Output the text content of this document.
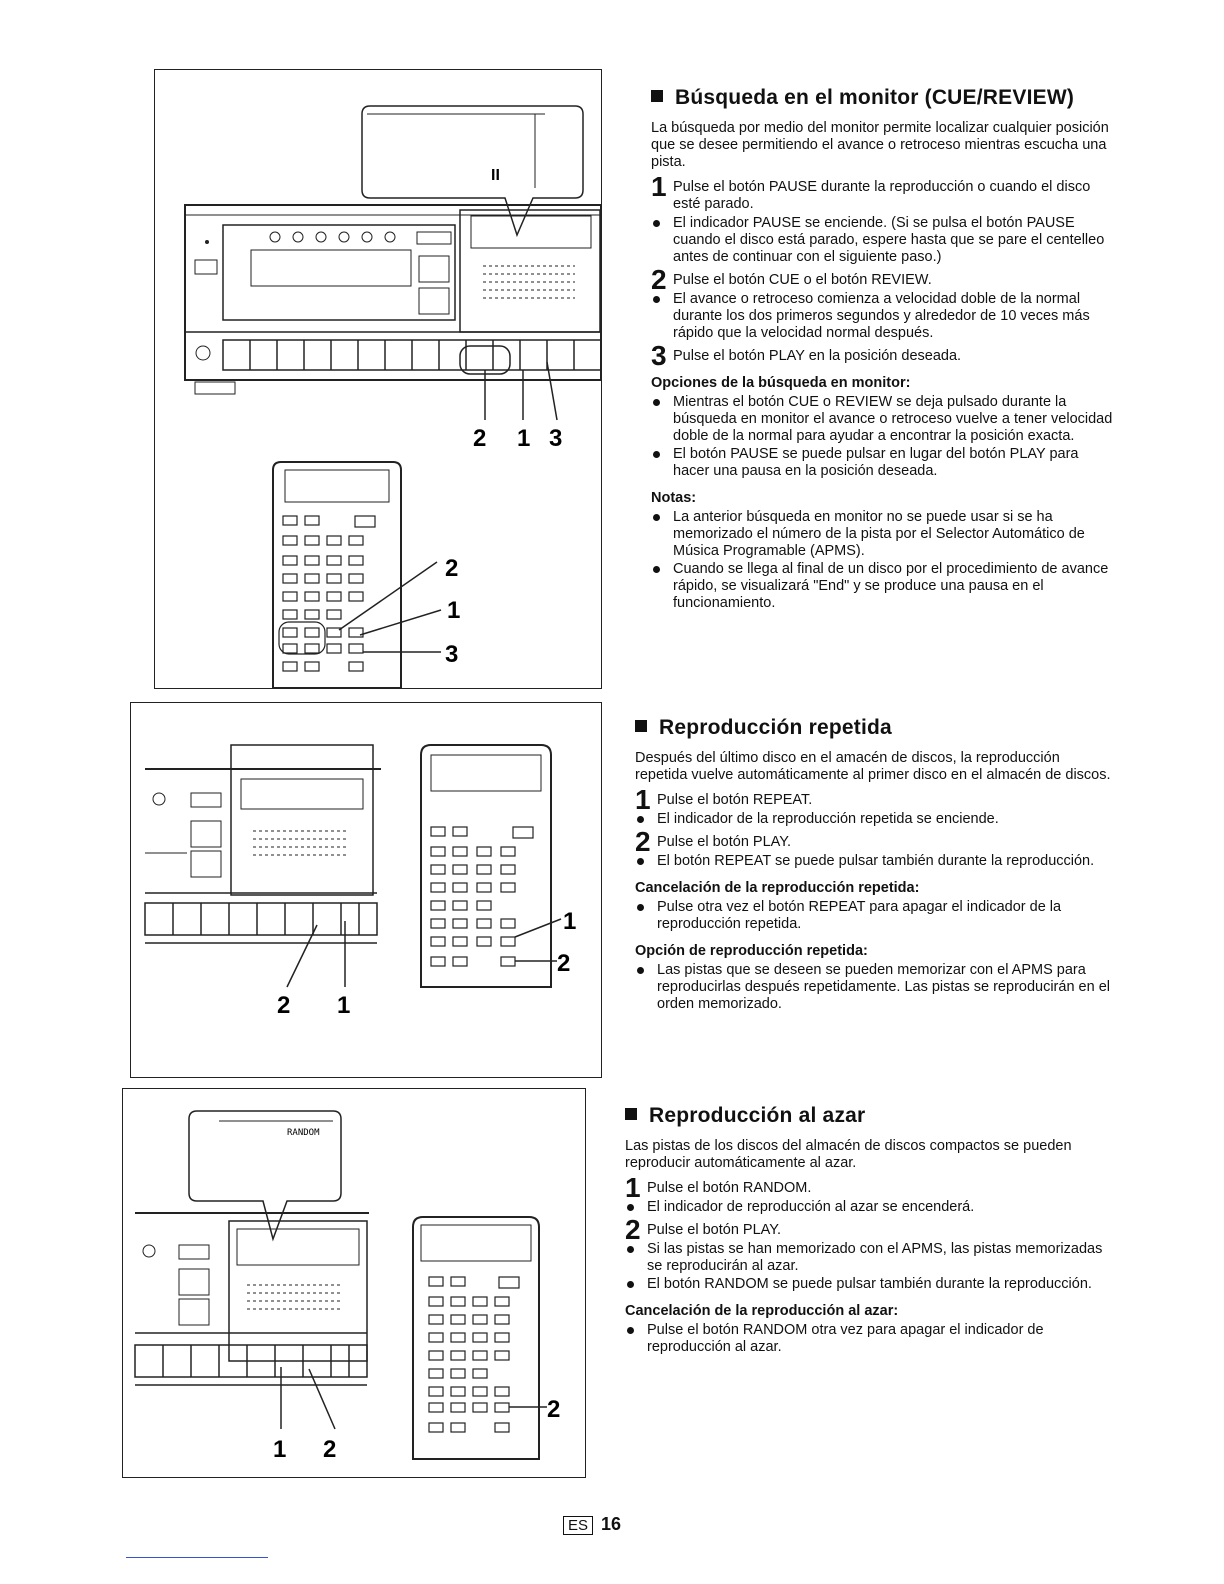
II
2 1 3
2
1
3
2 1
1
2
RANDOM
1 2
2
Búsqueda en el monitor (CUE/REVIEW)

La búsqueda por medio del monitor permite localizar cualquier posición que se desee permitiendo el avance o retroceso mientras escucha una pista.

1 Pulse el botón PAUSE durante la reproducción o cuando el disco esté parado.
El indicador PAUSE se enciende. (Si se pulsa el botón PAUSE cuando el disco está parado, espere hasta que se pare el centelleo antes de continuar con el siguiente paso.)
2 Pulse el botón CUE o el botón REVIEW.
El avance o retroceso comienza a velocidad doble de la normal durante los dos primeros segundos y alrededor de 10 veces más rápido que la velocidad normal después.
3 Pulse el botón PLAY en la posición deseada.
Opciones de la búsqueda en monitor:
Mientras el botón CUE o REVIEW se deja pulsado durante la búsqueda en monitor el avance o retroceso vuelve a tener velocidad doble de la normal para ayudar a encontrar la posición exacta.
El botón PAUSE se puede pulsar en lugar del botón PLAY para hacer una pausa en la posición deseada.
Notas:
La anterior búsqueda en monitor no se puede usar si se ha memorizado el número de la pista por el Selector Automático de Música Programable (APMS).
Cuando se llega al final de un disco por el procedimiento de avance rápido, se visualizará "End" y se produce una pausa en el funcionamiento.
Reproducción repetida

Después del último disco en el amacén de discos, la reproducción repetida vuelve automáticamente al primer disco en el almacén de discos.

1 Pulse el botón REPEAT.
El indicador de la reproducción repetida se enciende.
2 Pulse el botón PLAY.
El botón REPEAT se puede pulsar también durante la reproducción.
Cancelación de la reproducción repetida:
Pulse otra vez el botón REPEAT para apagar el indicador de la reproducción repetida.
Opción de reproducción repetida:
Las pistas que se deseen se pueden memorizar con el APMS para reproducirlas después repetidamente. Las pistas se reproducirán en el orden memorizado.
Reproducción al azar

Las pistas de los discos del almacén de discos compactos se pueden reproducir automáticamente al azar.

1 Pulse el botón RANDOM.
El indicador de reproducción al azar se encenderá.
2 Pulse el botón PLAY.
Si las pistas se han memorizado con el APMS, las pistas memorizadas se reproducirán al azar.
El botón RANDOM se puede pulsar también durante la reproducción.
Cancelación de la reproducción al azar:
Pulse el botón RANDOM otra vez para apagar el indicador de reproducción al azar.
ES 16
